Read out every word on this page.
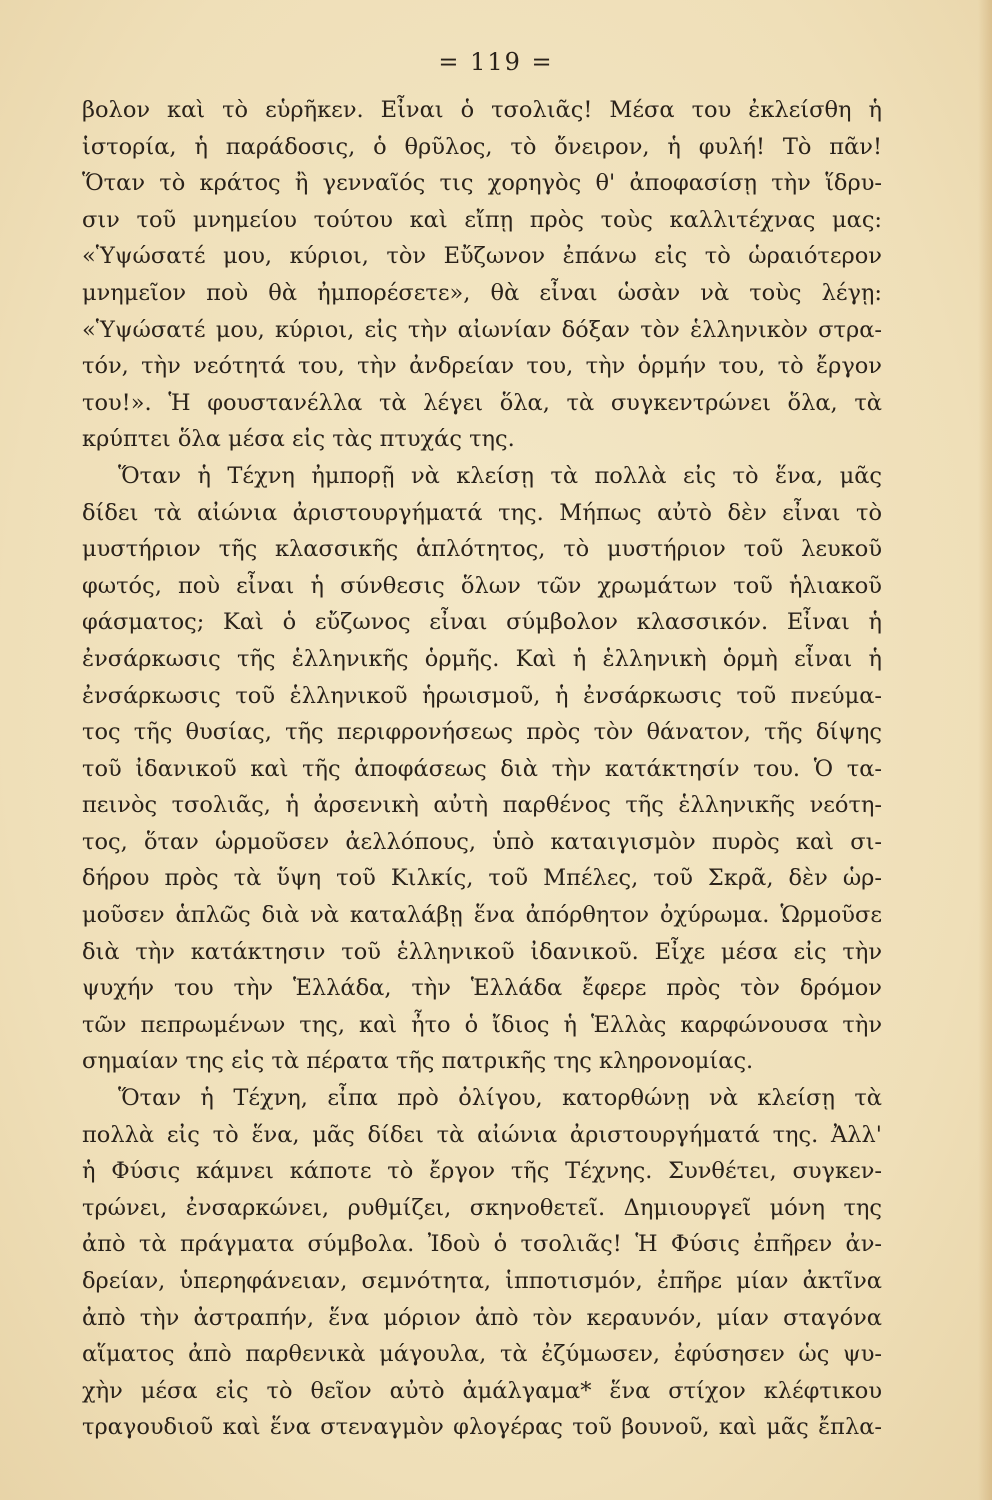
= 119 =
βολον καὶ τὸ εὑρῆκεν. Εἶναι ὁ τσολιᾶς! Μέσα του ἐκλείσθη ἡ
ἱστορία, ἡ παράδοσις, ὁ θρῦλος, τὸ ὄνειρον, ἡ φυλή! Τὸ πᾶν!
Ὅταν τὸ κράτος ἢ γενναῖός τις χορηγὸς θ' ἀποφασίσῃ τὴν ἵδρυ-
σιν τοῦ μνημείου τούτου καὶ εἴπῃ πρὸς τοὺς καλλιτέχνας μας:
«Ὑψώσατέ μου, κύριοι, τὸν Εὔζωνον ἐπάνω εἰς τὸ ὡραιότερον
μνημεῖον ποὺ θὰ ἠμπορέσετε», θὰ εἶναι ὡσὰν νὰ τοὺς λέγῃ:
«Ὑψώσατέ μου, κύριοι, εἰς τὴν αἰωνίαν δόξαν τὸν ἑλληνικὸν στρα-
τόν, τὴν νεότητά του, τὴν ἀνδρείαν του, τὴν ὁρμήν του, τὸ ἔργον
του!». Ἡ φουστανέλλα τὰ λέγει ὅλα, τὰ συγκεντρώνει ὅλα, τὰ
κρύπτει ὅλα μέσα εἰς τὰς πτυχάς της.
Ὅταν ἡ Τέχνη ἠμπορῇ νὰ κλείσῃ τὰ πολλὰ εἰς τὸ ἕνα, μᾶς
δίδει τὰ αἰώνια ἀριστουργήματά της. Μήπως αὐτὸ δὲν εἶναι τὸ
μυστήριον τῆς κλασσικῆς ἁπλότητος, τὸ μυστήριον τοῦ λευκοῦ
φωτός, ποὺ εἶναι ἡ σύνθεσις ὅλων τῶν χρωμάτων τοῦ ἡλιακοῦ
φάσματος; Καὶ ὁ εὔζωνος εἶναι σύμβολον κλασσικόν. Εἶναι ἡ
ἐνσάρκωσις τῆς ἑλληνικῆς ὁρμῆς. Καὶ ἡ ἑλληνικὴ ὁρμὴ εἶναι ἡ
ἐνσάρκωσις τοῦ ἑλληνικοῦ ἡρωισμοῦ, ἡ ἐνσάρκωσις τοῦ πνεύμα-
τος τῆς θυσίας, τῆς περιφρονήσεως πρὸς τὸν θάνατον, τῆς δίψης
τοῦ ἰδανικοῦ καὶ τῆς ἀποφάσεως διὰ τὴν κατάκτησίν του. Ὁ τα-
πεινὸς τσολιᾶς, ἡ ἀρσενικὴ αὐτὴ παρθένος τῆς ἑλληνικῆς νεότη-
τος, ὅταν ὡρμοῦσεν ἀελλόπους, ὑπὸ καταιγισμὸν πυρὸς καὶ σι-
δήρου πρὸς τὰ ὕψη τοῦ Κιλκίς, τοῦ Μπέλες, τοῦ Σκρᾶ, δὲν ὡρ-
μοῦσεν ἁπλῶς διὰ νὰ καταλάβῃ ἕνα ἀπόρθητον ὀχύρωμα. Ὡρμοῦσε
διὰ τὴν κατάκτησιν τοῦ ἑλληνικοῦ ἰδανικοῦ. Εἶχε μέσα εἰς τὴν
ψυχήν του τὴν Ἑλλάδα, τὴν Ἑλλάδα ἔφερε πρὸς τὸν δρόμον
τῶν πεπρωμένων της, καὶ ἦτο ὁ ἴδιος ἡ Ἑλλὰς καρφώνουσα τὴν
σημαίαν της εἰς τὰ πέρατα τῆς πατρικῆς της κληρονομίας.
Ὅταν ἡ Τέχνη, εἶπα πρὸ ὀλίγου, κατορθώνῃ νὰ κλείσῃ τὰ
πολλὰ εἰς τὸ ἕνα, μᾶς δίδει τὰ αἰώνια ἀριστουργήματά της. Ἀλλ'
ἡ Φύσις κάμνει κάποτε τὸ ἔργον τῆς Τέχνης. Συνθέτει, συγκεν-
τρώνει, ἐνσαρκώνει, ρυθμίζει, σκηνοθετεῖ. Δημιουργεῖ μόνη της
ἀπὸ τὰ πράγματα σύμβολα. Ἰδοὺ ὁ τσολιᾶς! Ἡ Φύσις ἐπῆρεν ἀν-
δρείαν, ὑπερηφάνειαν, σεμνότητα, ἱπποτισμόν, ἐπῆρε μίαν ἀκτῖνα
ἀπὸ τὴν ἀστραπήν, ἕνα μόριον ἀπὸ τὸν κεραυνόν, μίαν σταγόνα
αἵματος ἀπὸ παρθενικὰ μάγουλα, τὰ ἐζύμωσεν, ἐφύσησεν ὡς ψυ-
χὴν μέσα εἰς τὸ θεῖον αὐτὸ ἀμάλγαμα* ἕνα στίχον κλέφτικου
τραγουδιοῦ καὶ ἕνα στεναγμὸν φλογέρας τοῦ βουνοῦ, καὶ μᾶς ἔπλα-
